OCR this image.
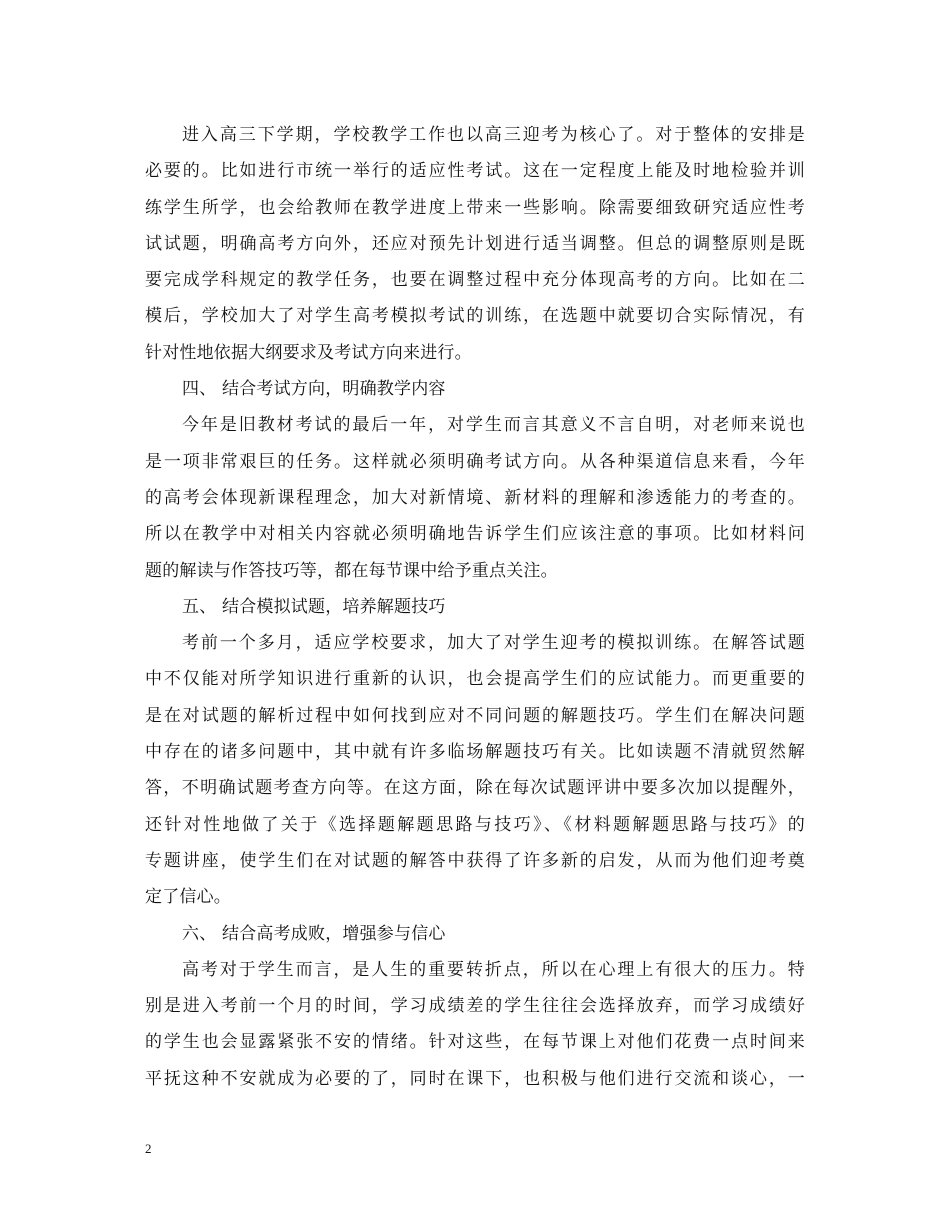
进入高三下学期，学校教学工作也以高三迎考为核心了。对于整体的安排是
必要的。比如进行市统一举行的适应性考试。这在一定程度上能及时地检验并训
练学生所学，也会给教师在教学进度上带来一些影响。除需要细致研究适应性考
试试题，明确高考方向外，还应对预先计划进行适当调整。但总的调整原则是既
要完成学科规定的教学任务，也要在调整过程中充分体现高考的方向。比如在二
模后，学校加大了对学生高考模拟考试的训练，在选题中就要切合实际情况，有
针对性地依据大纲要求及考试方向来进行。
四、 结合考试方向，明确教学内容
今年是旧教材考试的最后一年，对学生而言其意义不言自明，对老师来说也
是一项非常艰巨的任务。这样就必须明确考试方向。从各种渠道信息来看，今年
的高考会体现新课程理念，加大对新情境、新材料的理解和渗透能力的考查的。
所以在教学中对相关内容就必须明确地告诉学生们应该注意的事项。比如材料问
题的解读与作答技巧等，都在每节课中给予重点关注。
五、 结合模拟试题，培养解题技巧
考前一个多月，适应学校要求，加大了对学生迎考的模拟训练。在解答试题
中不仅能对所学知识进行重新的认识，也会提高学生们的应试能力。而更重要的
是在对试题的解析过程中如何找到应对不同问题的解题技巧。学生们在解决问题
中存在的诸多问题中，其中就有许多临场解题技巧有关。比如读题不清就贸然解
答，不明确试题考查方向等。在这方面，除在每次试题评讲中要多次加以提醒外，
还针对性地做了关于《选择题解题思路与技巧》、《材料题解题思路与技巧》的
专题讲座，使学生们在对试题的解答中获得了许多新的启发，从而为他们迎考奠
定了信心。
六、 结合高考成败，增强参与信心
高考对于学生而言，是人生的重要转折点，所以在心理上有很大的压力。特
别是进入考前一个月的时间，学习成绩差的学生往往会选择放弃，而学习成绩好
的学生也会显露紧张不安的情绪。针对这些，在每节课上对他们花费一点时间来
平抚这种不安就成为必要的了，同时在课下，也积极与他们进行交流和谈心，一
2
